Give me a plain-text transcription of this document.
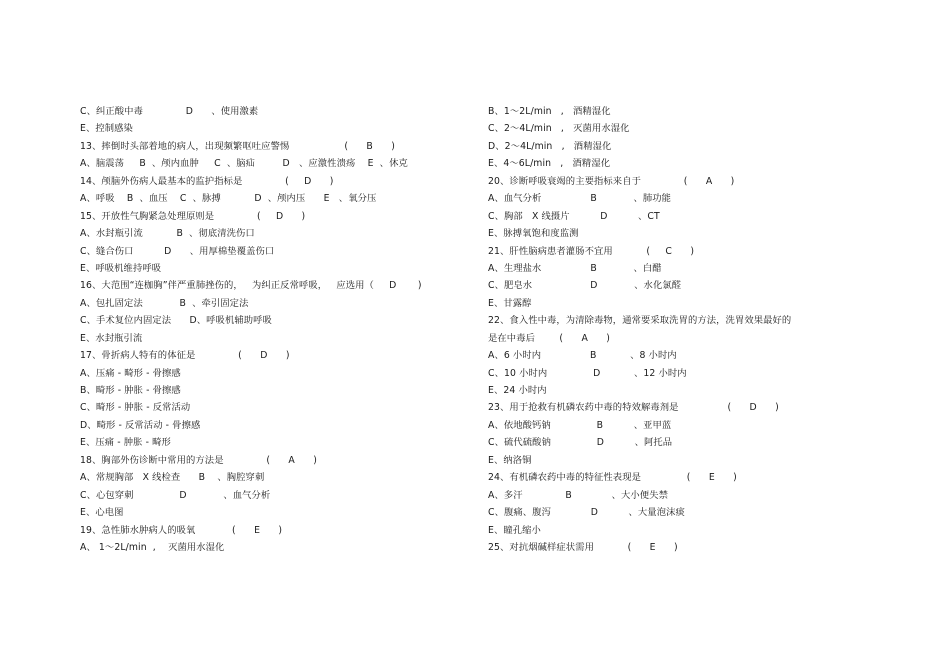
C、纠正酸中毒              D      、使用激素
E、控制感染
13、摔倒时头部着地的病人，出现频繁呕吐应警惕                  (      B      )
A、脑震荡     B  、颅内血肿     C  、脑疝         D   、应激性溃疡    E  、休克
14、颅脑外伤病人最基本的监护指标是              (     D      )
A、呼吸    B  、血压    C  、脉搏           D  、颅内压      E   、氧分压
15、开放性气胸紧急处理原则是              (     D      )
A、水封瓶引流           B  、彻底清洗伤口
C、缝合伤口          D      、用厚棉垫覆盖伤口
E、呼吸机维持呼吸
16、大范围“连枷胸”伴严重肺挫伤的，   为纠正反常呼吸，   应选用（     D       )
A、包扎固定法            B  、牵引固定法
C、手术复位内固定法      D、呼吸机辅助呼吸
E、水封瓶引流
17、骨折病人特有的体征是              (      D      )
A、压痛 - 畸形 - 骨擦感
B、畸形 - 肿胀 - 骨擦感
C、畸形 - 肿胀 - 反常活动
D、畸形 - 反常活动 - 骨擦感
E、压痛 - 肿胀 - 畸形
18、胸部外伤诊断中常用的方法是              (      A      )
A、常规胸部   X 线检查      B    、胸腔穿刺
C、心包穿刺               D            、血气分析
E、心电图
19、急性肺水肿病人的吸氧            (      E      )
A、 1～2L/min  ,    灭菌用水湿化
B、1～2L/min   ,   酒精湿化
C、2～4L/min   ,   灭菌用水湿化
D、2～4L/min   ,   酒精湿化
E、4～6L/min   ,   酒精湿化
20、诊断呼吸衰竭的主要指标来自于              (      A      )
A、血气分析                B            、肺功能
C、胸部   X 线摄片          D          、CT
E、脉搏氧饱和度监测
21、肝性脑病患者灌肠不宜用           (     C      )
A、生理盐水                B            、白醋
C、肥皂水                   D            、水化氯醛
E、甘露醇
22、食入性中毒，为清除毒物，通常要采取洗胃的方法，洗胃效果最好的
是在中毒后        (      A      )
A、6 小时内                B           、8 小时内
C、10 小时内               D           、12 小时内
E、24 小时内
23、用于抢救有机磷农药中毒的特效解毒剂是                (      D      )
A、依地酸钙钠               B          、亚甲蓝
C、硫代硫酸钠               D          、阿托品
E、纳洛铜
24、有机磷农药中毒的特征性表现是               (      E      )
A、多汗              B             、大小便失禁
C、腹痛、腹泻             D          、大量泡沫痰
E、瞳孔缩小
25、对抗烟碱样症状需用           (      E      )
